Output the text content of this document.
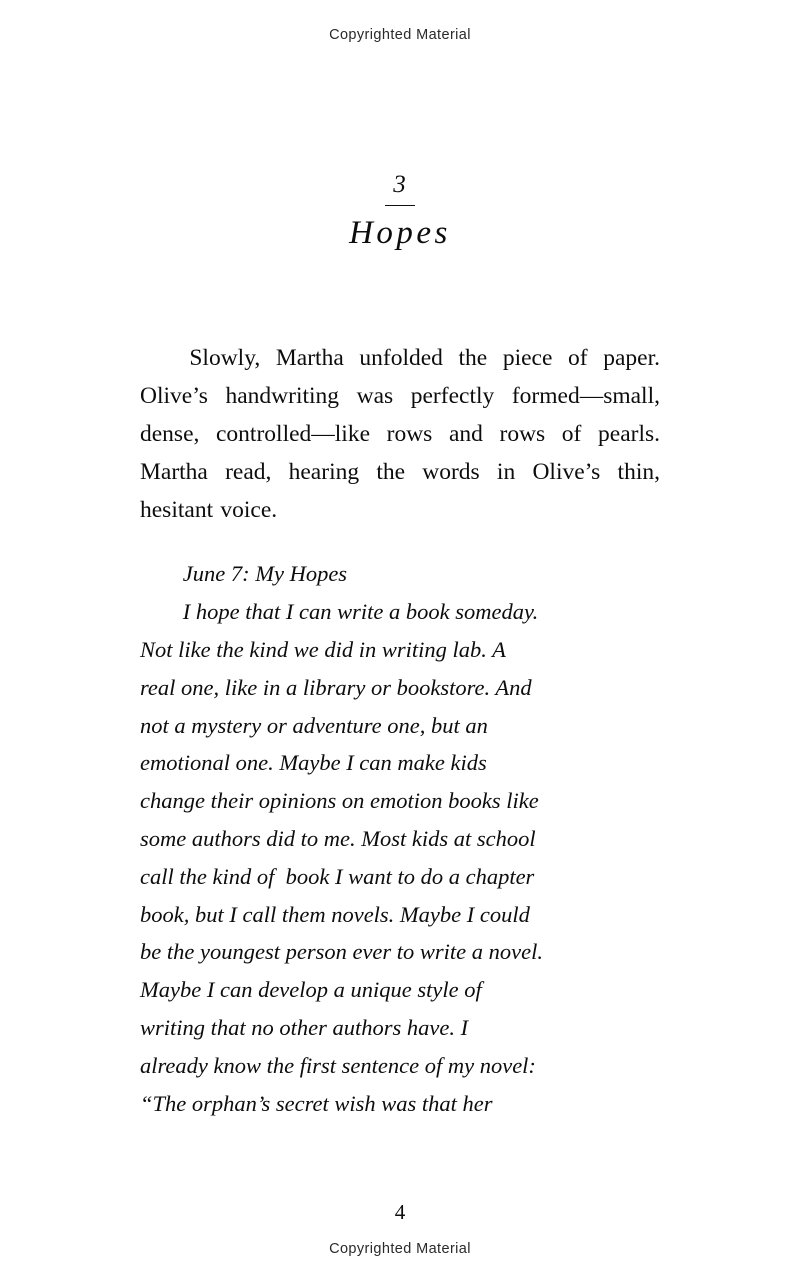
Copyrighted Material
3
Hopes

Slowly, Martha unfolded the piece of paper. Olive’s handwriting was perfectly formed—small, dense, controlled—like rows and rows of pearls. Martha read, hearing the words in Olive’s thin, hesitant voice.

June 7: My Hopes
I hope that I can write a book someday.
Not like the kind we did in writing lab. A
real one, like in a library or bookstore. And
not a mystery or adventure one, but an
emotional one. Maybe I can make kids
change their opinions on emotion books like
some authors did to me. Most kids at school
call the kind of  book I want to do a chapter
book, but I call them novels. Maybe I could
be the youngest person ever to write a novel.
Maybe I can develop a unique style of
writing that no other authors have. I
already know the first sentence of my novel:
“The orphan’s secret wish was that her
4
Copyrighted Material
